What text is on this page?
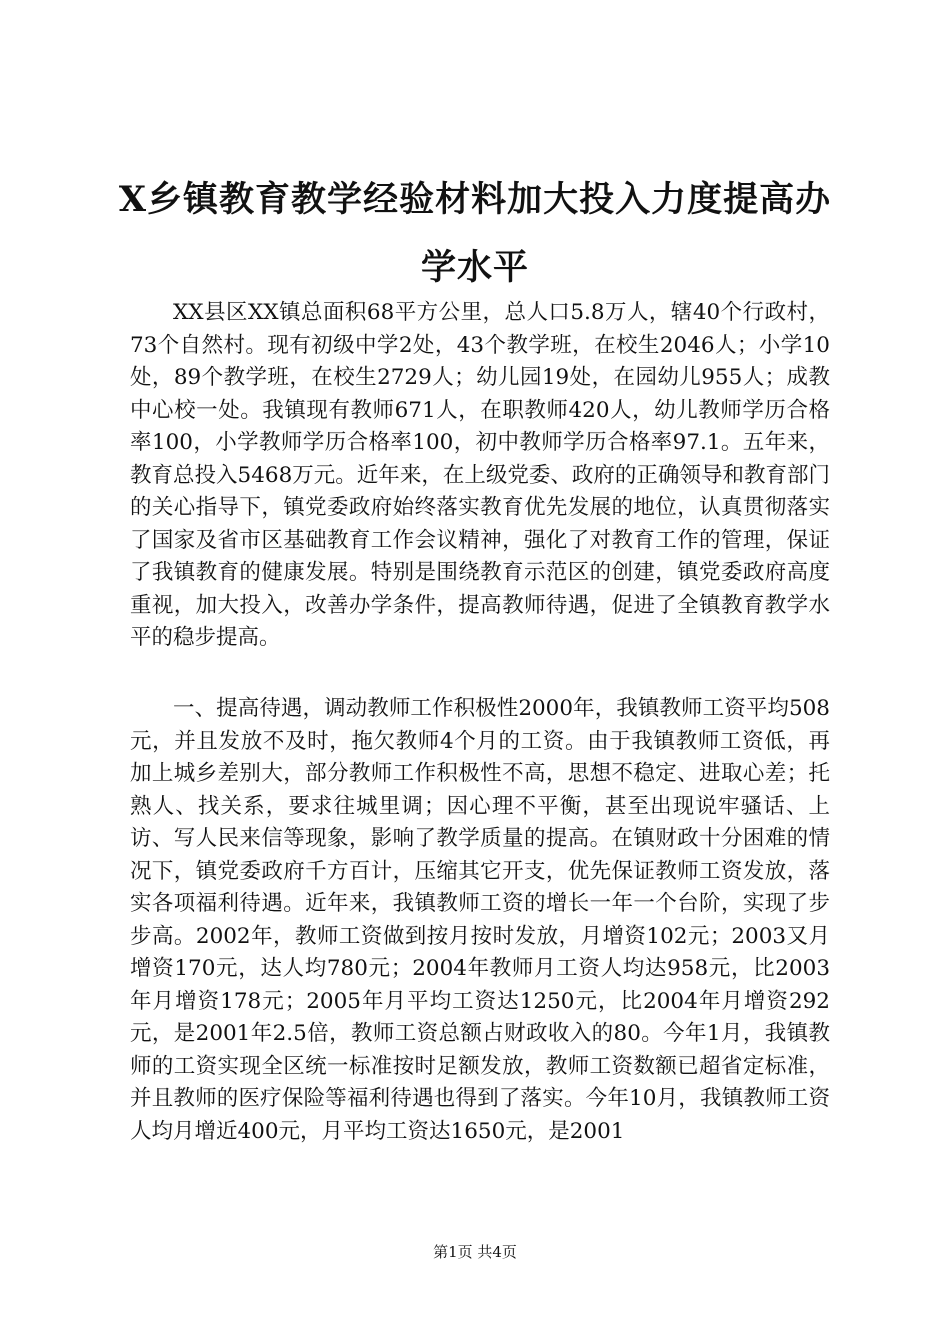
X乡镇教育教学经验材料加大投入力度提高办学水平

XX县区XX镇总面积68平方公里，总人口5.8万人，辖40个行政村，73个自然村。现有初级中学2处，43个教学班，在校生2046人；小学10处，89个教学班，在校生2729人；幼儿园19处，在园幼儿955人；成教中心校一处。我镇现有教师671人，在职教师420人，幼儿教师学历合格率100，小学教师学历合格率100，初中教师学历合格率97.1。五年来，教育总投入5468万元。近年来，在上级党委、政府的正确领导和教育部门的关心指导下，镇党委政府始终落实教育优先发展的地位，认真贯彻落实了国家及省市区基础教育工作会议精神，强化了对教育工作的管理，保证了我镇教育的健康发展。特别是围绕教育示范区的创建，镇党委政府高度重视，加大投入，改善办学条件，提高教师待遇，促进了全镇教育教学水平的稳步提高。

一、提高待遇，调动教师工作积极性2000年，我镇教师工资平均508元，并且发放不及时，拖欠教师4个月的工资。由于我镇教师工资低，再加上城乡差别大，部分教师工作积极性不高，思想不稳定、进取心差；托熟人、找关系，要求往城里调；因心理不平衡，甚至出现说牢骚话、上访、写人民来信等现象，影响了教学质量的提高。在镇财政十分困难的情况下，镇党委政府千方百计，压缩其它开支，优先保证教师工资发放，落实各项福利待遇。近年来，我镇教师工资的增长一年一个台阶，实现了步步高。2002年，教师工资做到按月按时发放，月增资102元；2003又月增资170元，达人均780元；2004年教师月工资人均达958元，比2003年月增资178元；2005年月平均工资达1250元，比2004年月增资292元，是2001年2.5倍，教师工资总额占财政收入的80。今年1月，我镇教师的工资实现全区统一标准按时足额发放，教师工资数额已超省定标准，并且教师的医疗保险等福利待遇也得到了落实。今年10月，我镇教师工资人均月增近400元，月平均工资达1650元，是2001

第1页 共4页
